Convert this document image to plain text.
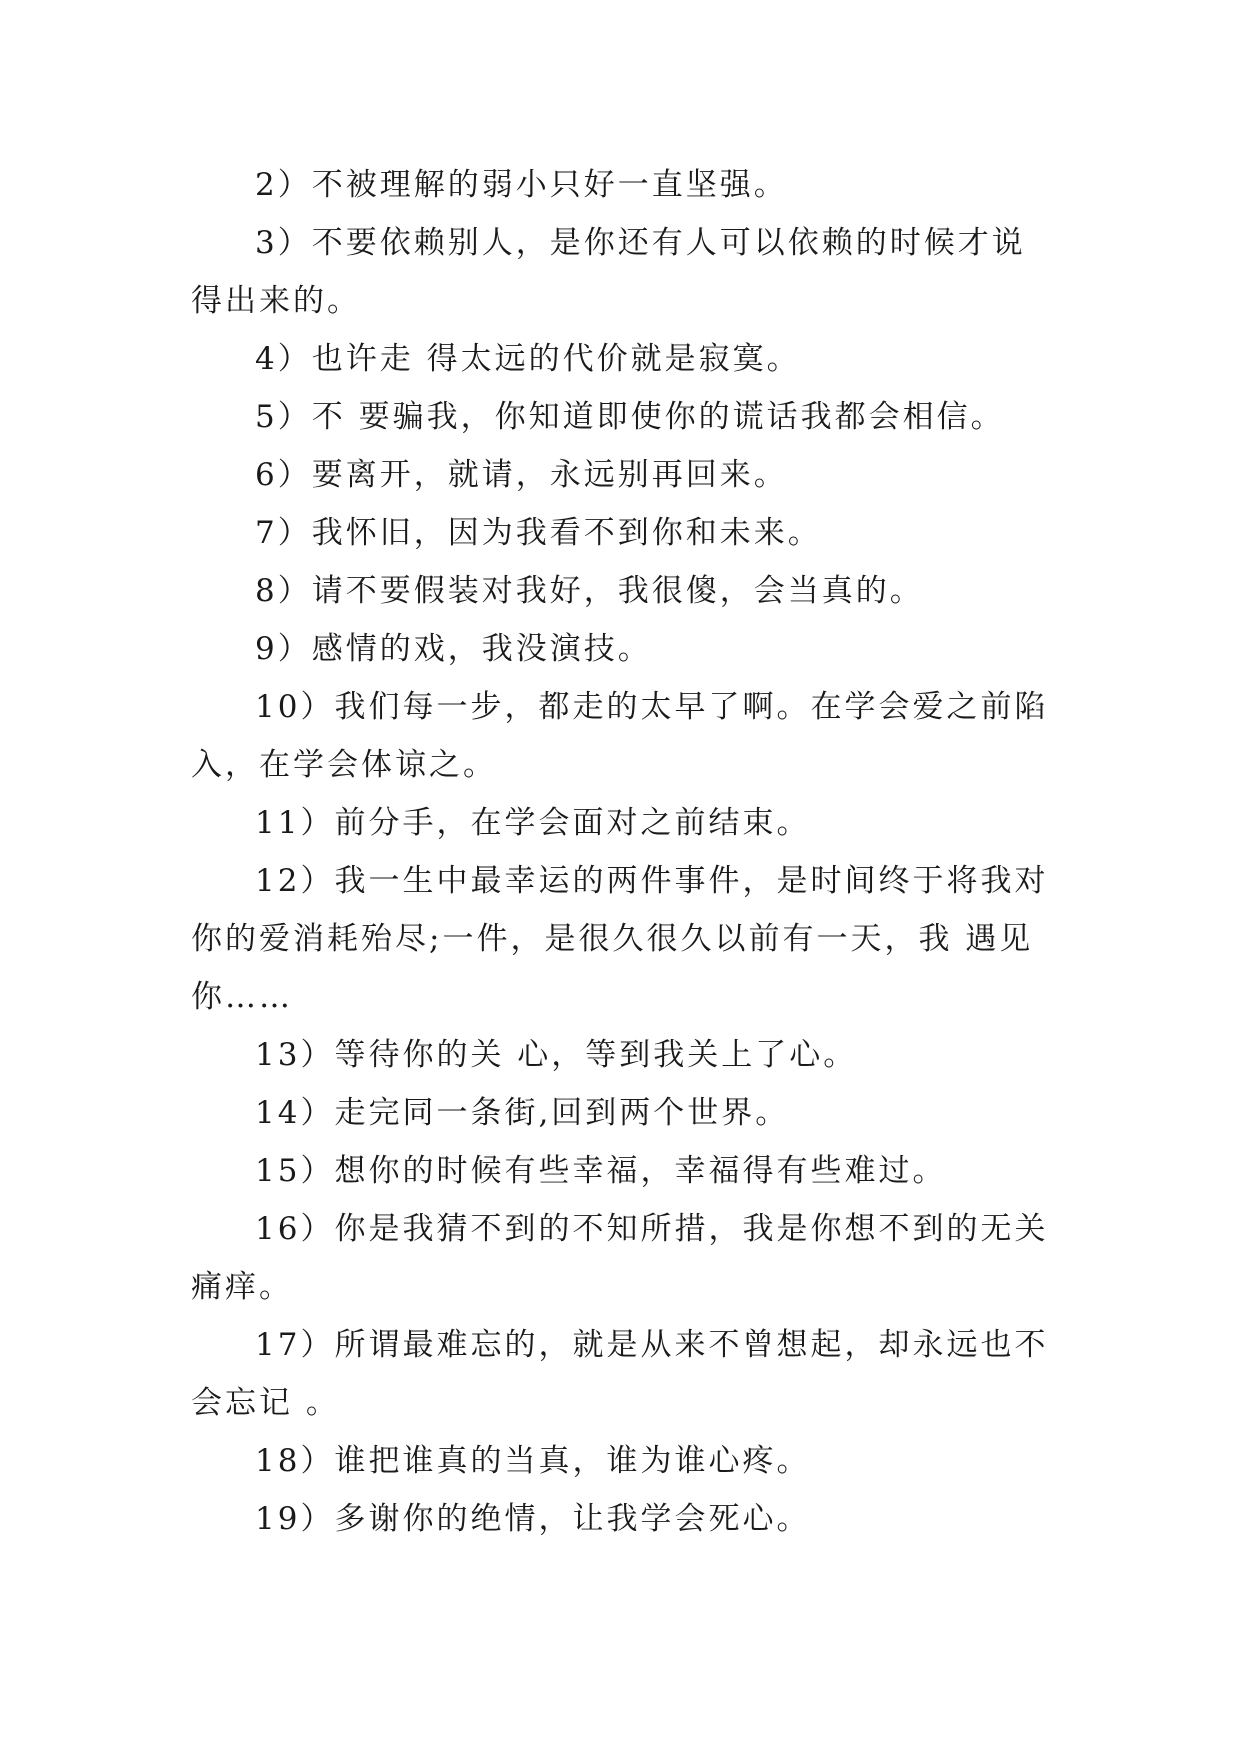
2）不被理解的弱小只好一直坚强。

3）不要依赖别人，是你还有人可以依赖的时候才说得出来的。

4）也许走 得太远的代价就是寂寞。

5）不 要骗我，你知道即使你的谎话我都会相信。

6）要离开，就请，永远别再回来。

7）我怀旧，因为我看不到你和未来。

8）请不要假装对我好，我很傻，会当真的。

9）感情的戏，我没演技。

10）我们每一步，都走的太早了啊。在学会爱之前陷入，在学会体谅之。

11）前分手，在学会面对之前结束。

12）我一生中最幸运的两件事件，是时间终于将我对你的爱消耗殆尽;一件，是很久很久以前有一天，我 遇见你……

13）等待你的关 心，等到我关上了心。

14）走完同一条街,回到两个世界。

15）想你的时候有些幸福，幸福得有些难过。

16）你是我猜不到的不知所措，我是你想不到的无关痛痒。

17）所谓最难忘的，就是从来不曾想起，却永远也不会忘记 。

18）谁把谁真的当真，谁为谁心疼。

19）多谢你的绝情，让我学会死心。
